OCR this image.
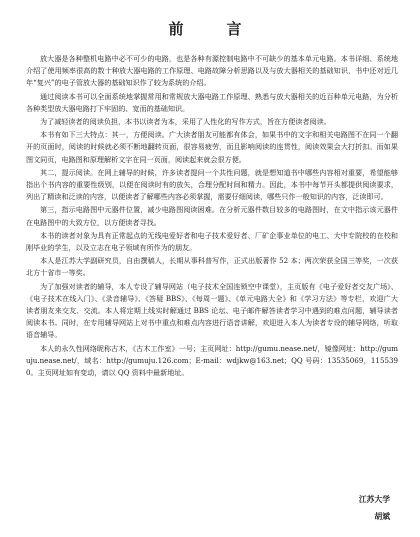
前　言

放大器是各种整机电路中必不可少的电路，也是各种有源控制电路中不可缺少的基本单元电路。本书详细、系统地介绍了使用频率很高的数十种放大器电路的工作原理、电路故障分析思路以及与放大器相关的基础知识，书中还对近几年“复兴”的电子管放大器的基础知识作了较为系统的介绍。

通过阅读本书可以全面系统地掌握常用和常规放大器电路工作原理、熟悉与放大器相关的近百种单元电路，为分析各种类型放大器电路打下牢固的、宽而的基础知识。

为了减轻读者的阅读负担，本书以读者为本，采用了人性化的写作方式，旨在方便读者阅读。

本书有如下三大特点：其一，方便阅读。广大读者朋友可能都有体会，如果书中的文字和相关电路图不在同一个翻开的页面时，阅读的时候就必须不断地翻转页面，很容易疲劳，而且影响阅读的连贯性，阅读效果会大打折扣。而如果图文同页，电路图和原理解析文字在同一页面，阅读起来就会很方便。

其二，提示阅读。在网上辅导的时候，许多读者提问一个共性问题，就是想知道书中哪些内容相对重要，希望能够指出个书内容的重要性级别，以便在阅读时有的放矢，合理分配时间和精力。因此，本书中每节开头都提供阅读要求，列出了精读和泛读的内容，以便读者了解哪些内容必须掌握，需要仔细阅读，哪些只作一般知识的内容，泛读即可。

第三，指示电路图中元器件位置，减少电路图阅读困难。在分析元器件数目较多的电路图时，在文中指示该元器件在电路图中的大致方位，以方便读者寻找。

本书的读者对象为具有正常起点的无线电爱好者和电子技术爱好者、厂矿企事业单位的电工、大中专院校的在校和刚毕业的学生，以及立志在电子领域有所作为的朋友。

本人是江苏大学副研究员，自由撰稿人，长期从事科普写作，正式出版著作 52 本；两次荣获全国三等奖，一次获北方十省市一等奖。

为了加强对读者的辅导，本人专设了辅导网站（电子技术全国连锁空中课堂），主页版有《电子爱好者交友广场》、《电子技术在线入门》、《录音辅导》、《答疑 BBS》、《每周一题》、《单元电路大全》和《学习方法》等专栏，欢迎广大读者朋友来交友、交流。本人将定期上线实时解通过 BBS 论坛、电子邮件解答读者学习中遇到的难点问题，辅导读者阅读本书。同时，在专用辅导网站上对书中重点和难点内容进行语音讲解，欢迎进入本人为读者专设的辅导网络，听取语音辅导。

本人的永久性网络昵称古木，《古木工作室》一号；主页网址：http://gumu.nease.net/，镜像网址：http://gumuju.nease.net/，域名：http://gumuju.126.com；E-mail：wdjkw@163.net；QQ 号码：13535069，1155390。主页网址如有变动，请以 QQ 资料中最新地址。

江苏大学
胡斌
